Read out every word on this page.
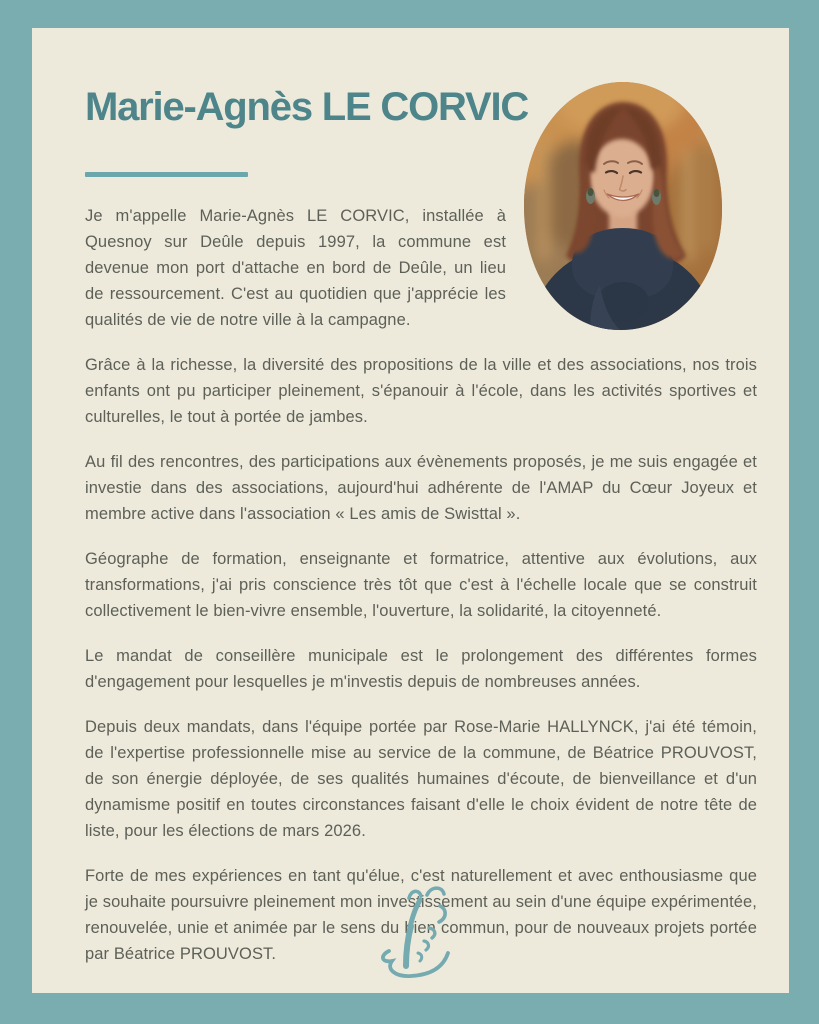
Marie-Agnès LE CORVIC

Je m'appelle Marie-Agnès LE CORVIC, installée à Quesnoy sur Deûle depuis 1997, la commune est devenue mon port d'attache en bord de Deûle, un lieu de ressourcement. C'est au quotidien que j'apprécie les qualités de vie de notre ville à la campagne.

Grâce à la richesse, la diversité des propositions de la ville et des associations, nos trois enfants ont pu participer pleinement, s'épanouir à l'école, dans les activités sportives et culturelles, le tout à portée de jambes.

Au fil des rencontres, des participations aux évènements proposés, je me suis engagée et investie dans des associations, aujourd'hui adhérente de l'AMAP du Cœur Joyeux et membre active dans l'association « Les amis de Swisttal ».

Géographe de formation, enseignante et formatrice, attentive aux évolutions, aux transformations, j'ai pris conscience très tôt que c'est à l'échelle locale que se construit collectivement le bien-vivre ensemble, l'ouverture, la solidarité, la citoyenneté.

Le mandat de conseillère municipale est le prolongement des différentes formes d'engagement pour lesquelles je m'investis depuis de nombreuses années.

Depuis deux mandats, dans l'équipe portée par Rose-Marie HALLYNCK, j'ai été témoin, de l'expertise professionnelle mise au service de la commune, de Béatrice PROUVOST, de son énergie déployée, de ses qualités humaines d'écoute, de bienveillance et d'un dynamisme positif en toutes circonstances faisant d'elle le choix évident de notre tête de liste, pour les élections de mars 2026.

Forte de mes expériences en tant qu'élue, c'est naturellement et avec enthousiasme que je souhaite poursuivre pleinement mon investissement au sein d'une équipe expérimentée, renouvelée, unie et animée par le sens du bien commun, pour de nouveaux projets portée par Béatrice PROUVOST.
